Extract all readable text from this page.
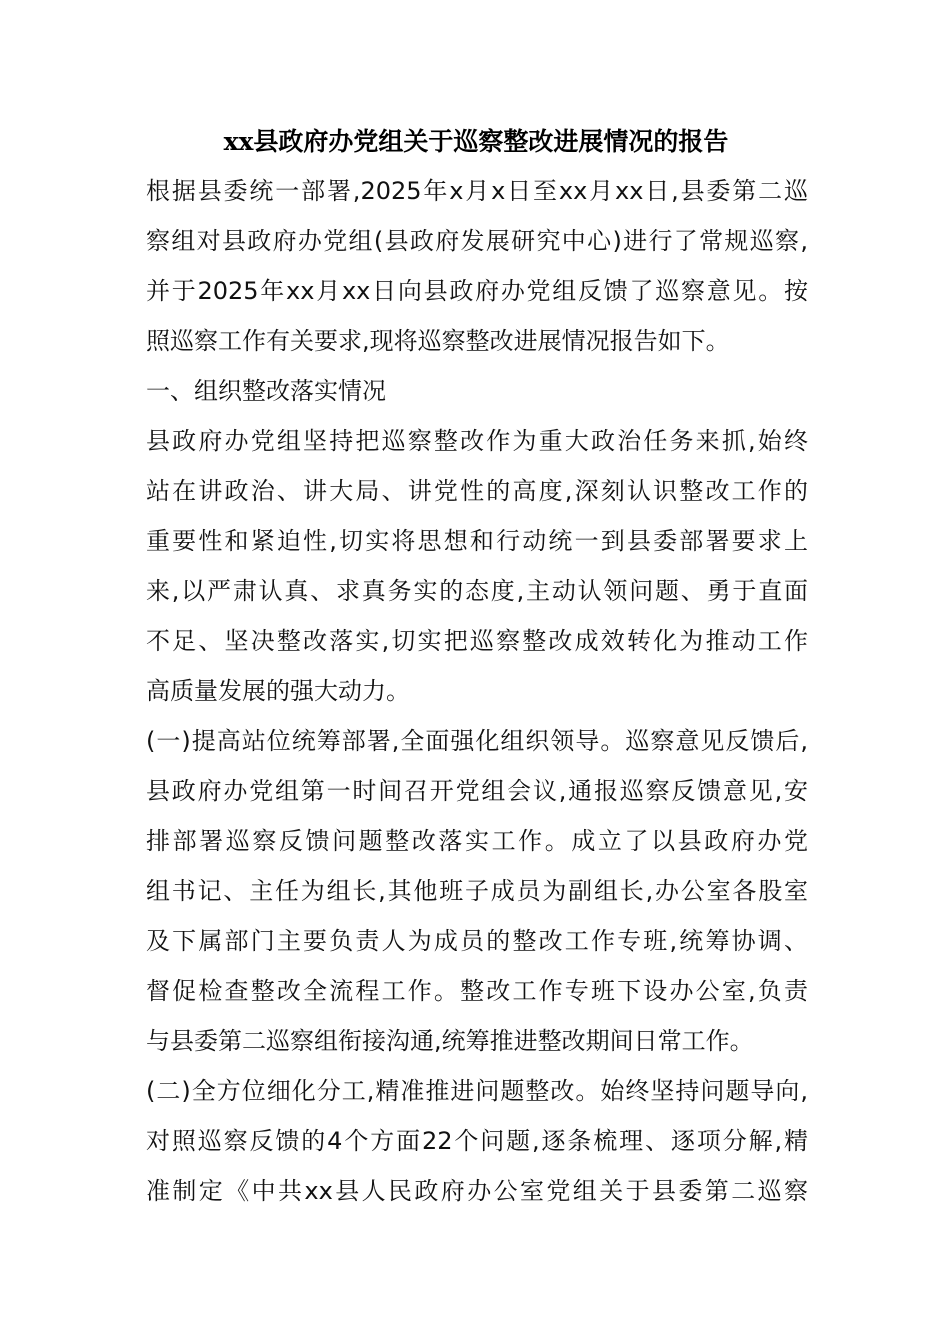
xx县政府办党组关于巡察整改进展情况的报告

根据县委统一部署,2025年x月x日至xx月xx日,县委第二巡

察组对县政府办党组(县政府发展研究中心)进行了常规巡察,

并于2025年xx月xx日向县政府办党组反馈了巡察意见。按

照巡察工作有关要求,现将巡察整改进展情况报告如下。

一、组织整改落实情况

县政府办党组坚持把巡察整改作为重大政治任务来抓,始终

站在讲政治、讲大局、讲党性的高度,深刻认识整改工作的

重要性和紧迫性,切实将思想和行动统一到县委部署要求上

来,以严肃认真、求真务实的态度,主动认领问题、勇于直面

不足、坚决整改落实,切实把巡察整改成效转化为推动工作

高质量发展的强大动力。

(一)提高站位统筹部署,全面强化组织领导。巡察意见反馈后,

县政府办党组第一时间召开党组会议,通报巡察反馈意见,安

排部署巡察反馈问题整改落实工作。成立了以县政府办党

组书记、主任为组长,其他班子成员为副组长,办公室各股室

及下属部门主要负责人为成员的整改工作专班,统筹协调、

督促检查整改全流程工作。整改工作专班下设办公室,负责

与县委第二巡察组衔接沟通,统筹推进整改期间日常工作。

(二)全方位细化分工,精准推进问题整改。始终坚持问题导向,

对照巡察反馈的4个方面22个问题,逐条梳理、逐项分解,精

准制定《中共xx县人民政府办公室党组关于县委第二巡察
